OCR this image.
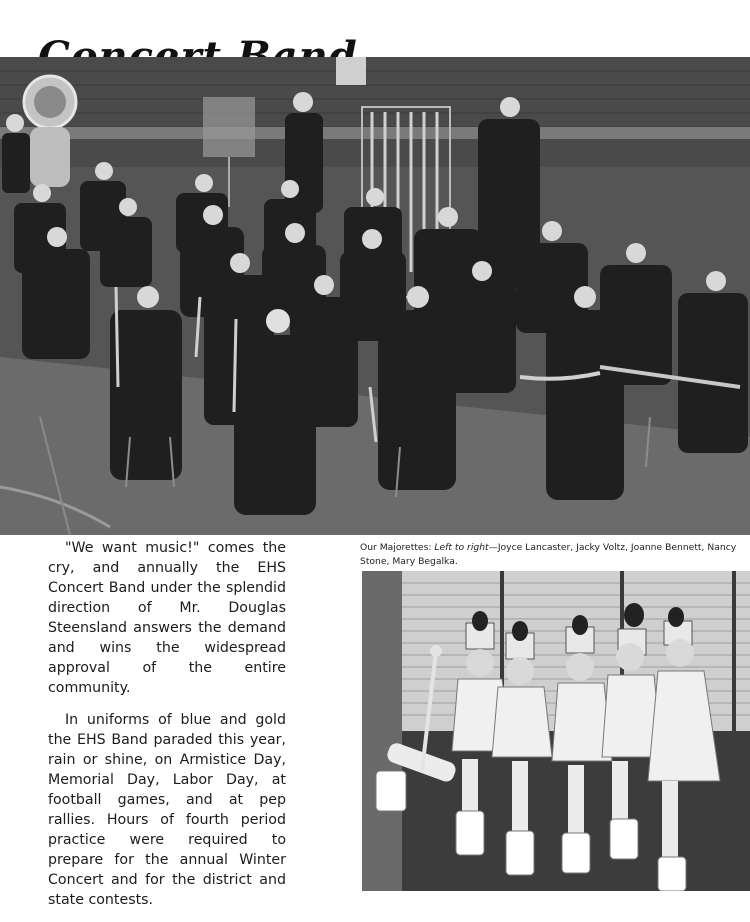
"We want music!" comes the cry, and annually the EHS Concert Band under the splendid direction of Mr. Douglas Steensland answers the demand and wins the widespread approval of the entire community.

In uniforms of blue and gold the EHS Band paraded this year, rain or shine, on Armistice Day, Memorial Day, Labor Day, at football games, and at pep rallies. Hours of fourth period practice were required to prepare for the annual Winter Concert and for the district and state contests.

Our Majorettes: Left to right—Joyce Lancaster, Jacky Voltz, Joanne Bennett, Nancy Stone, Mary Begalka.
